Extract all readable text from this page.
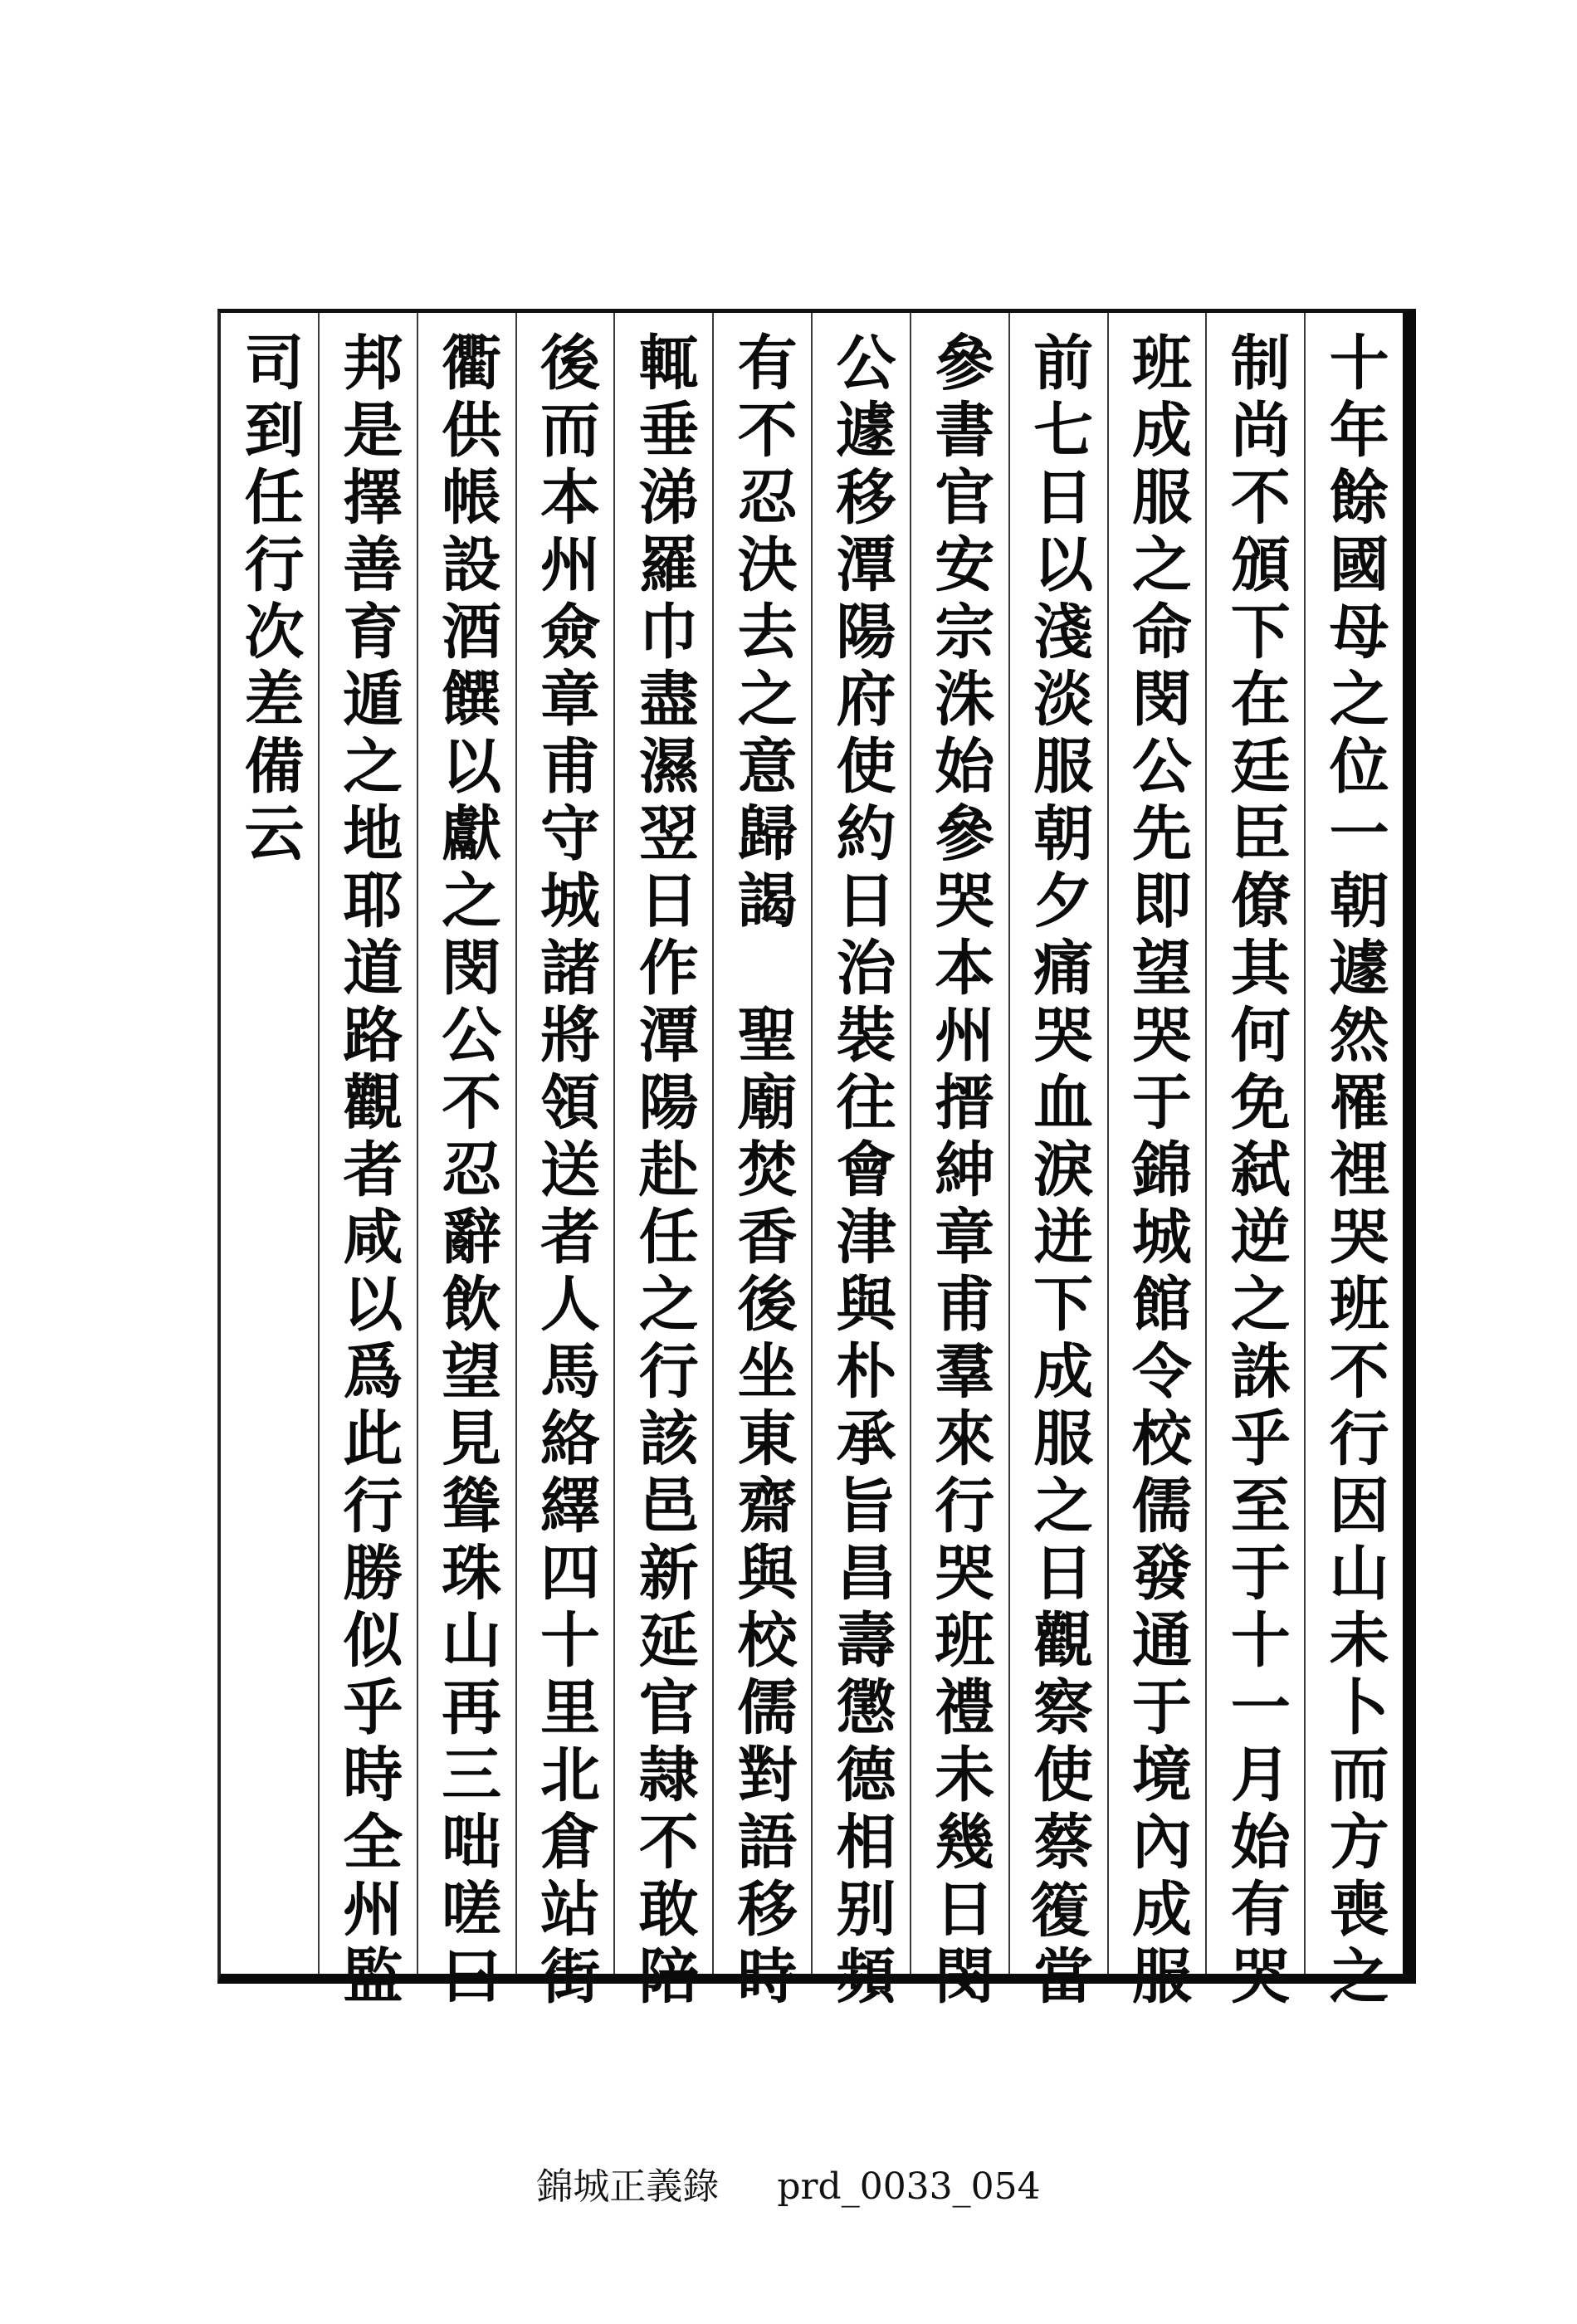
十年餘國母之位一朝遽然罹𥚃哭班不行因山未卜而方喪之
制尚不頒下在廷臣僚其何免弑逆之誅乎至于十一月始有哭
班成服之命閔公先即望哭于錦城館令校儒發通于境內成服
前七日以淺淡服朝夕痛哭血淚迸下成服之日觀察使蔡𥳇當
參書官安宗洙始參哭本州搢紳章甫羣來行哭班禮未幾日閔
公遽移潭陽府使約日治裝往會津與朴承旨昌壽懲德相别頻
有不忍決去之意歸謁　聖廟焚香後坐東齋與校儒對語移時
輒垂涕羅巾盡濕翌日作潭陽赴任之行該邑新延官隷不敢陪
後而本州僉章甫守城諸將領送者人馬絡繹四十里北倉站街
衢供帳設酒饌以獻之閔公不忍辭飲望見聳珠山再三咄嗟曰
邦是擇善育遁之地耶道路觀者咸以爲此行勝似乎時全州監
司到任行次差備云
錦城正義錄 prd_0033_054
